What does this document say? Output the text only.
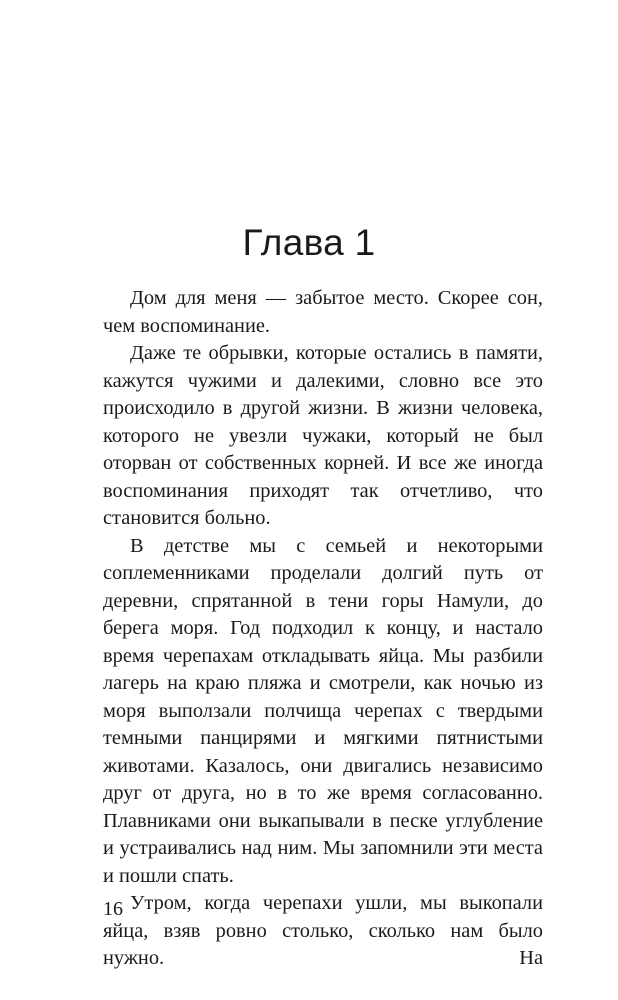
Глава 1

Дом для меня — забытое место. Скорее сон, чем воспоминание.

Даже те обрывки, которые остались в памяти, кажутся чужими и далекими, словно все это происходило в другой жизни. В жизни человека, которого не увезли чужаки, который не был оторван от собственных корней. И все же иногда воспоминания приходят так отчетливо, что становится больно.

В детстве мы с семьей и некоторыми соплеменниками проделали долгий путь от деревни, спрятанной в тени горы Намули, до берега моря. Год подходил к концу, и настало время черепахам откладывать яйца. Мы разбили лагерь на краю пляжа и смотрели, как ночью из моря выползали полчища черепах с твердыми темными панцирями и мягкими пятнистыми животами. Казалось, они двигались независимо друг от друга, но в то же время согласованно. Плавниками они выкапывали в песке углубление и устраивались над ним. Мы запомнили эти места и пошли спать.

Утром, когда черепахи ушли, мы выкопали яйца, взяв ровно столько, сколько нам было нужно. На

16
